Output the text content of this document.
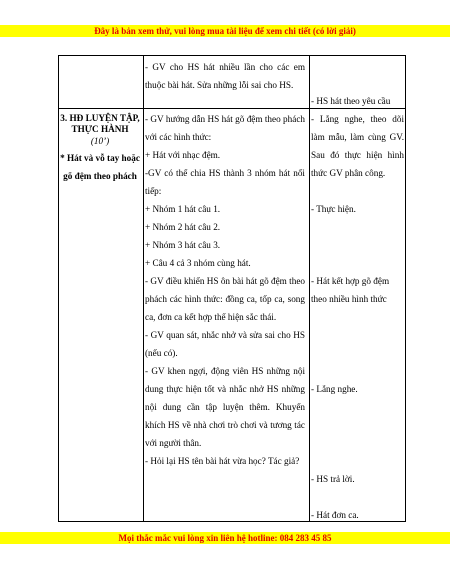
Đây là bản xem thử, vui lòng mua tài liệu để xem chi tiết (có lời giải)
- GV cho HS hát nhiều lần cho các em thuộc bài hát. Sửa những lỗi sai cho HS.
- HS hát theo yêu cầu
3. HĐ LUYỆN TẬP, THỰC HÀNH
(10’)
* Hát và vỗ tay hoặc gõ đệm theo phách

- GV hướng dẫn HS hát gõ đệm theo phách với các hình thức:

+ Hát với nhạc đệm.

-GV có thể chia HS thành 3 nhóm hát nối tiếp:

+ Nhóm 1 hát câu 1.

+ Nhóm 2 hát câu 2.

+ Nhóm 3 hát câu 3.

+ Câu 4 cả 3 nhóm cùng hát.

- GV điều khiển HS ôn bài hát gõ đệm theo phách các hình thức: đồng ca, tốp ca, song ca, đơn ca kết hợp thể hiện sắc thái.

- GV quan sát, nhắc nhở và sửa sai cho HS (nếu có).

- GV khen ngợi, động viên HS những nội dung thực hiện tốt và nhắc nhở HS những nội dung cần tập luyện thêm. Khuyến khích HS về nhà chơi trò chơi và tương tác với người thân.

- Hỏi lại HS tên bài hát vừa học? Tác giả?

- Lắng nghe, theo dõi làm mẫu, làm cùng GV. Sau đó thực hiện hình thức GV phân công.
- Thực hiện.
- Hát kết hợp gõ đệm theo nhiều hình thức
- Lắng nghe.
- HS trả lời.
- Hát đơn ca.
Mọi thắc mắc vui lòng xin liên hệ hotline: 084 283 45 85
